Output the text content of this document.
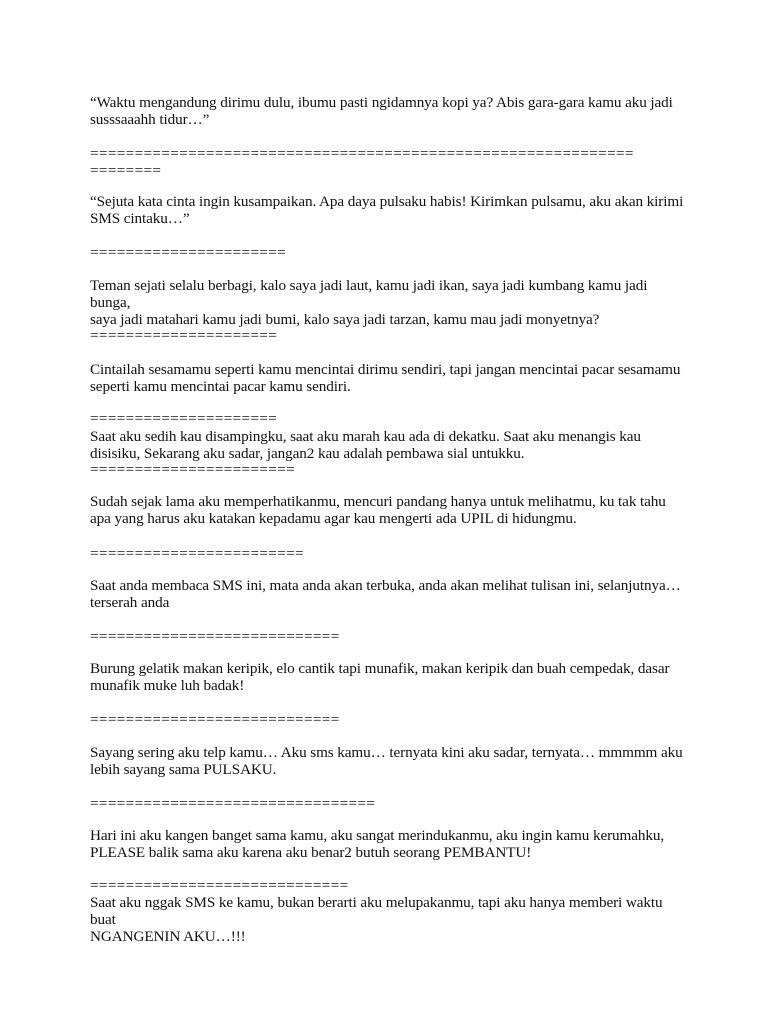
“Waktu mengandung dirimu dulu, ibumu pasti ngidamnya kopi ya? Abis gara-gara kamu aku jadi
susssaaahh tidur…”
=============================================================
========
“Sejuta kata cinta ingin kusampaikan. Apa daya pulsaku habis! Kirimkan pulsamu, aku akan kirimi
SMS cintaku…”
======================
Teman sejati selalu berbagi, kalo saya jadi laut, kamu jadi ikan, saya jadi kumbang kamu jadi bunga,
saya jadi matahari kamu jadi bumi, kalo saya jadi tarzan, kamu mau jadi monyetnya?
=====================
Cintailah sesamamu seperti kamu mencintai dirimu sendiri, tapi jangan mencintai pacar sesamamu
seperti kamu mencintai pacar kamu sendiri.
=====================
Saat aku sedih kau disampingku, saat aku marah kau ada di dekatku. Saat aku menangis kau
disisiku, Sekarang aku sadar, jangan2 kau adalah pembawa sial untukku.
=======================
Sudah sejak lama aku memperhatikanmu, mencuri pandang hanya untuk melihatmu, ku tak tahu
apa yang harus aku katakan kepadamu agar kau mengerti ada UPIL di hidungmu.
========================
Saat anda membaca SMS ini, mata anda akan terbuka, anda akan melihat tulisan ini, selanjutnya…
terserah anda
============================
Burung gelatik makan keripik, elo cantik tapi munafik, makan keripik dan buah cempedak, dasar
munafik muke luh badak!
============================
Sayang sering aku telp kamu… Aku sms kamu… ternyata kini aku sadar, ternyata… mmmmm aku
lebih sayang sama PULSAKU.
================================
Hari ini aku kangen banget sama kamu, aku sangat merindukanmu, aku ingin kamu kerumahku,
PLEASE balik sama aku karena aku benar2 butuh seorang PEMBANTU!
=============================
Saat aku nggak SMS ke kamu, bukan berarti aku melupakanmu, tapi aku hanya memberi waktu buat
NGANGENIN AKU…!!!
